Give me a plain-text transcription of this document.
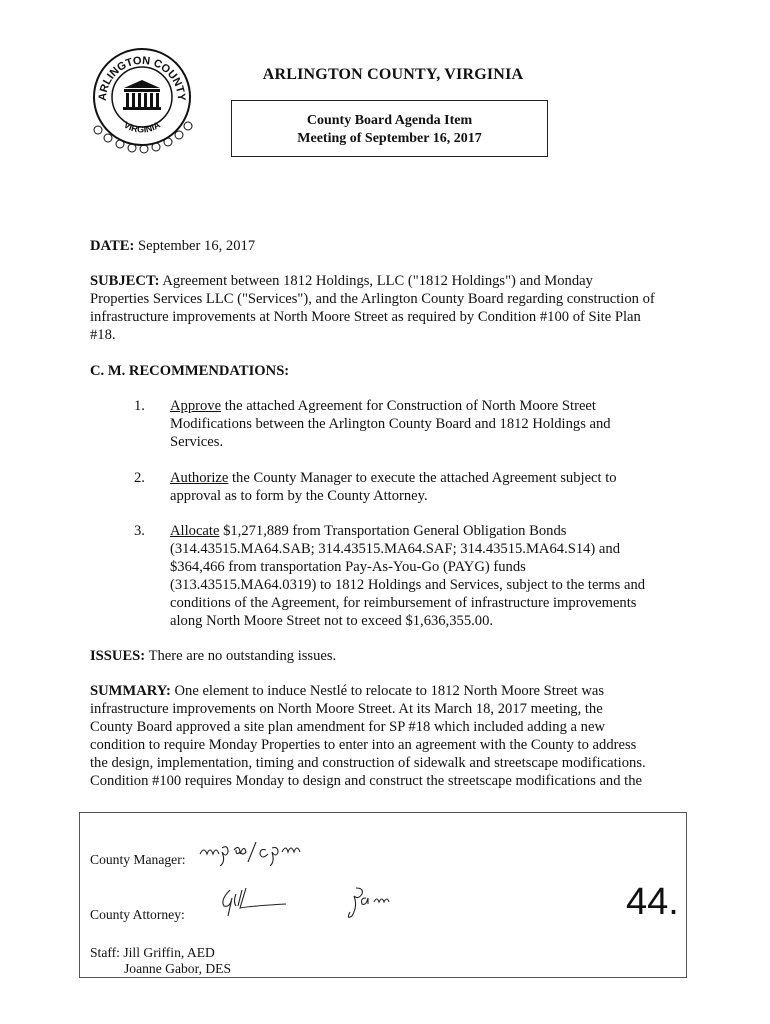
ARLINGTON COUNTY
VIRGINIA
ARLINGTON COUNTY, VIRGINIA
County Board Agenda Item
Meeting of September 16, 2017
DATE: September 16, 2017
SUBJECT: Agreement between 1812 Holdings, LLC ("1812 Holdings") and Monday
Properties Services LLC ("Services"), and the Arlington County Board regarding construction of
infrastructure improvements at North Moore Street as required by Condition #100 of Site Plan
#18.
C. M. RECOMMENDATIONS:
1. Approve the attached Agreement for Construction of North Moore Street
Modifications between the Arlington County Board and 1812 Holdings and
Services.
2. Authorize the County Manager to execute the attached Agreement subject to
approval as to form by the County Attorney.
3. Allocate $1,271,889 from Transportation General Obligation Bonds
(314.43515.MA64.SAB; 314.43515.MA64.SAF; 314.43515.MA64.S14) and
$364,466 from transportation Pay-As-You-Go (PAYG) funds
(313.43515.MA64.0319) to 1812 Holdings and Services, subject to the terms and
conditions of the Agreement, for reimbursement of infrastructure improvements
along North Moore Street not to exceed $1,636,355.00.
ISSUES: There are no outstanding issues.
SUMMARY: One element to induce Nestlé to relocate to 1812 North Moore Street was
infrastructure improvements on North Moore Street. At its March 18, 2017 meeting, the
County Board approved a site plan amendment for SP #18 which included adding a new
condition to require Monday Properties to enter into an agreement with the County to address
the design, implementation, timing and construction of sidewalk and streetscape modifications.
Condition #100 requires Monday to design and construct the streetscape modifications and the
County Manager:
County Attorney:	44.
Staff: Jill Griffin, AED
Joanne Gabor, DES
